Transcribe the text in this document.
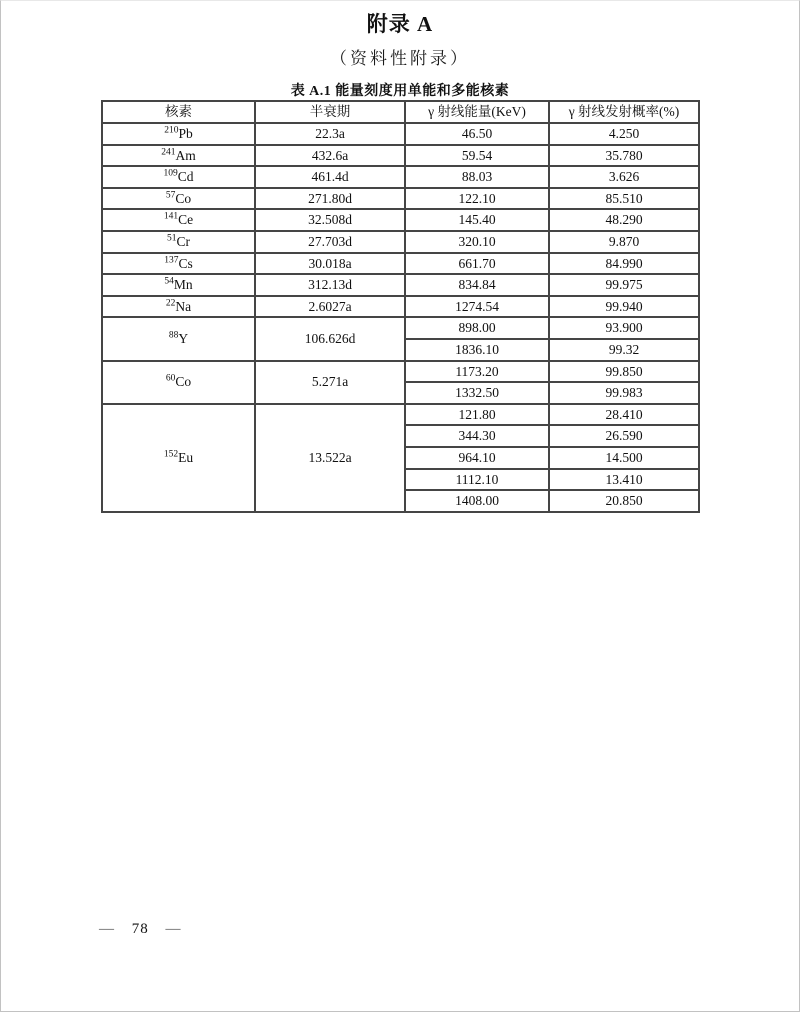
附录 A
（资料性附录）
表 A.1 能量刻度用单能和多能核素
核素	半衰期	γ 射线能量(KeV)	γ 射线发射概率(%)
$^{210}$Pb	22.3a	46.50	4.250
$^{241}$Am	432.6a	59.54	35.780
$^{109}$Cd	461.4d	88.03	3.626
$^{57}$Co	271.80d	122.10	85.510
$^{141}$Ce	32.508d	145.40	48.290
$^{51}$Cr	27.703d	320.10	9.870
$^{137}$Cs	30.018a	661.70	84.990
$^{54}$Mn	312.13d	834.84	99.975
$^{22}$Na	2.6027a	1274.54	99.940
$^{88}$Y	106.626d	898.00	93.900
		1836.10	99.32
$^{60}$Co	5.271a	1173.20	99.850
		1332.50	99.983
$^{152}$Eu	13.522a	121.80	28.410
		344.30	26.590
		964.10	14.500
		1112.10	13.410
		1408.00	20.850
— 78 —
